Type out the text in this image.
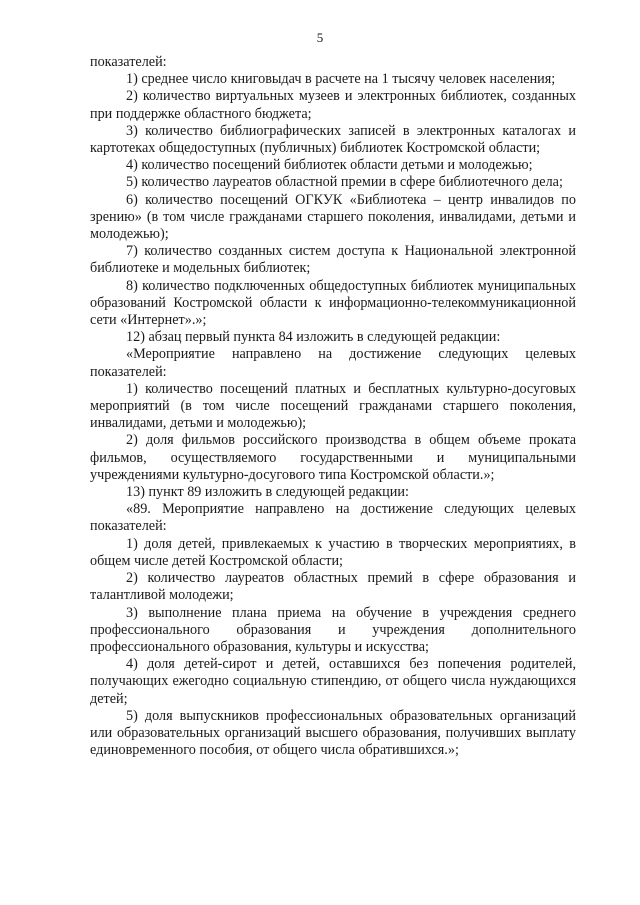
5

показателей:

1) среднее число книговыдач в расчете на 1 тысячу человек населения;

2) количество виртуальных музеев и электронных библиотек, созданных при поддержке областного бюджета;

3) количество библиографических записей в электронных каталогах и картотеках общедоступных (публичных) библиотек Костромской области;

4) количество посещений библиотек области детьми и молодежью;

5) количество лауреатов областной премии в сфере библиотечного дела;

6) количество посещений ОГКУК «Библиотека – центр инвалидов по зрению» (в том числе гражданами старшего поколения, инвалидами, детьми и молодежью);

7) количество созданных систем доступа к Национальной электронной библиотеке и модельных библиотек;

8) количество подключенных общедоступных библиотек муниципальных образований Костромской области к информационно-телекоммуникационной сети «Интернет».»;

12) абзац первый пункта 84 изложить в следующей редакции:

«Мероприятие направлено на достижение следующих целевых показателей:

1) количество посещений платных и бесплатных культурно-досуговых мероприятий (в том числе посещений гражданами старшего поколения, инвалидами, детьми и молодежью);

2) доля фильмов российского производства в общем объеме проката фильмов, осуществляемого государственными и муниципальными учреждениями культурно-досугового типа Костромской области.»;

13) пункт 89 изложить в следующей редакции:

«89. Мероприятие направлено на достижение следующих целевых показателей:

1) доля детей, привлекаемых к участию в творческих мероприятиях, в общем числе детей Костромской области;

2) количество лауреатов областных премий в сфере образования и талантливой молодежи;

3) выполнение плана приема на обучение в учреждения среднего профессионального образования и учреждения дополнительного профессионального образования, культуры и искусства;

4) доля детей-сирот и детей, оставшихся без попечения родителей, получающих ежегодно социальную стипендию, от общего числа нуждающихся детей;

5) доля выпускников профессиональных образовательных организаций или образовательных организаций высшего образования, получивших выплату единовременного пособия, от общего числа обратившихся.»;
